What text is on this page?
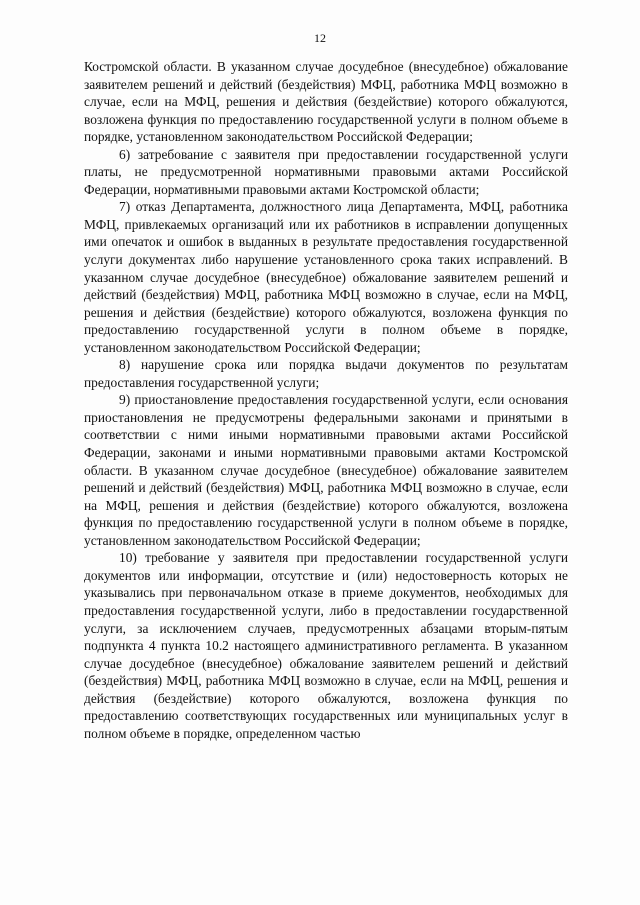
12

Костромской области. В указанном случае досудебное (внесудебное) обжалование заявителем решений и действий (бездействия) МФЦ, работника МФЦ возможно в случае, если на МФЦ, решения и действия (бездействие) которого обжалуются, возложена функция по предоставлению государственной услуги в полном объеме в порядке, установленном законодательством Российской Федерации;

6) затребование с заявителя при предоставлении государственной услуги платы, не предусмотренной нормативными правовыми актами Российской Федерации, нормативными правовыми актами Костромской области;

7) отказ Департамента, должностного лица Департамента, МФЦ, работника МФЦ, привлекаемых организаций или их работников в исправлении допущенных ими опечаток и ошибок в выданных в результате предоставления государственной услуги документах либо нарушение установленного срока таких исправлений. В указанном случае досудебное (внесудебное) обжалование заявителем решений и действий (бездействия) МФЦ, работника МФЦ возможно в случае, если на МФЦ, решения и действия (бездействие) которого обжалуются, возложена функция по предоставлению государственной услуги в полном объеме в порядке, установленном законодательством Российской Федерации;

8) нарушение срока или порядка выдачи документов по результатам предоставления государственной услуги;

9) приостановление предоставления государственной услуги, если основания приостановления не предусмотрены федеральными законами и принятыми в соответствии с ними иными нормативными правовыми актами Российской Федерации, законами и иными нормативными правовыми актами Костромской области. В указанном случае досудебное (внесудебное) обжалование заявителем решений и действий (бездействия) МФЦ, работника МФЦ возможно в случае, если на МФЦ, решения и действия (бездействие) которого обжалуются, возложена функция по предоставлению государственной услуги в полном объеме в порядке, установленном законодательством Российской Федерации;

10) требование у заявителя при предоставлении государственной услуги документов или информации, отсутствие и (или) недостоверность которых не указывались при первоначальном отказе в приеме документов, необходимых для предоставления государственной услуги, либо в предоставлении государственной услуги, за исключением случаев, предусмотренных абзацами вторым-пятым подпункта 4 пункта 10.2 настоящего административного регламента. В указанном случае досудебное (внесудебное) обжалование заявителем решений и действий (бездействия) МФЦ, работника МФЦ возможно в случае, если на МФЦ, решения и действия (бездействие) которого обжалуются, возложена функция по предоставлению соответствующих государственных или муниципальных услуг в полном объеме в порядке, определенном частью
